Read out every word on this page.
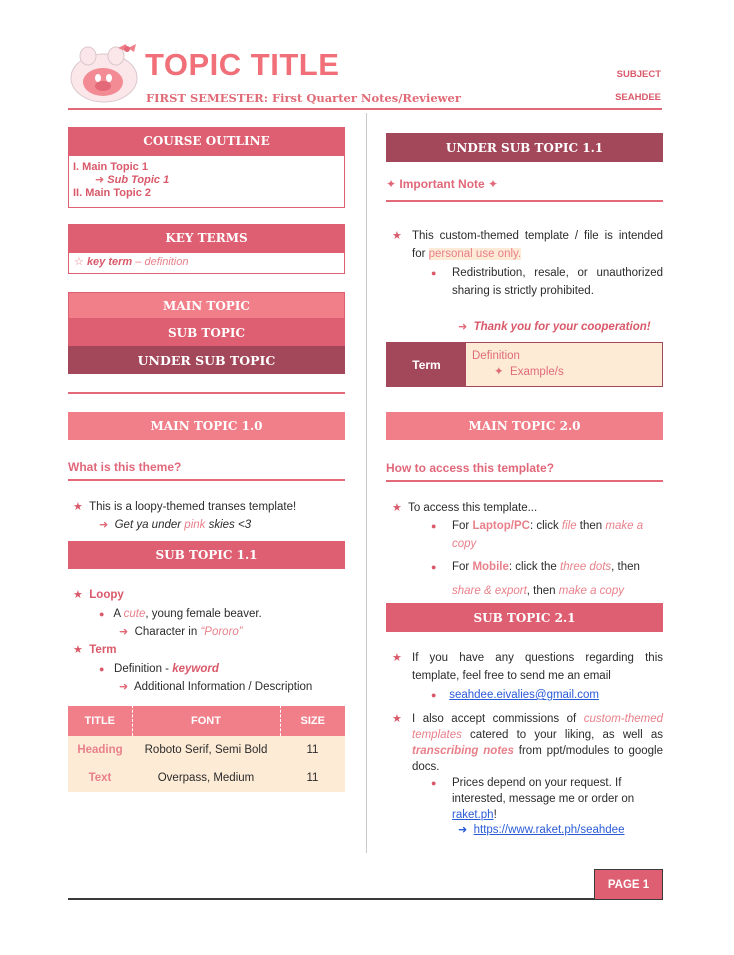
TOPIC TITLE
FIRST SEMESTER: First Quarter Notes/Reviewer
SUBJECT
SEAHDEE
COURSE OUTLINE
I. Main Topic 1
➜ Sub Topic 1
II. Main Topic 2
KEY TERMS
☆ key term – definition
MAIN TOPIC
SUB TOPIC
UNDER SUB TOPIC
MAIN TOPIC 1.0
What is this theme?
★ This is a loopy-themed transes template!
➜ Get ya under pink skies <3
SUB TOPIC 1.1
★ Loopy
● A cute, young female beaver.
➜ Character in “Pororo”
★ Term
● Definition - keyword
➜ Additional Information / Description
TITLE	FONT	SIZE
Heading	Roboto Serif, Semi Bold	11
Text	Overpass, Medium	11
UNDER SUB TOPIC 1.1
✦ Important Note ✦
★ This custom-themed template / file is intended for personal use only.
●	Redistribution, resale, or unauthorized sharing is strictly prohibited.
➜ Thank you for your cooperation!
Term
Definition
✦ Example/s
MAIN TOPIC 2.0
How to access this template?
★ To access this template...
●	For Laptop/PC: click file then make a copy
●	For Mobile: click the three dots, then share & export, then make a copy
SUB TOPIC 2.1
★ If you have any questions regarding this template, feel free to send me an email
● seahdee.eivalies@gmail.com
★ I also accept commissions of custom-themed templates catered to your liking, as well as transcribing notes from ppt/modules to google docs.
●	Prices depend on your request. If interested, message me or order on raket.ph!
➜ https://www.raket.ph/seahdee
PAGE 1
